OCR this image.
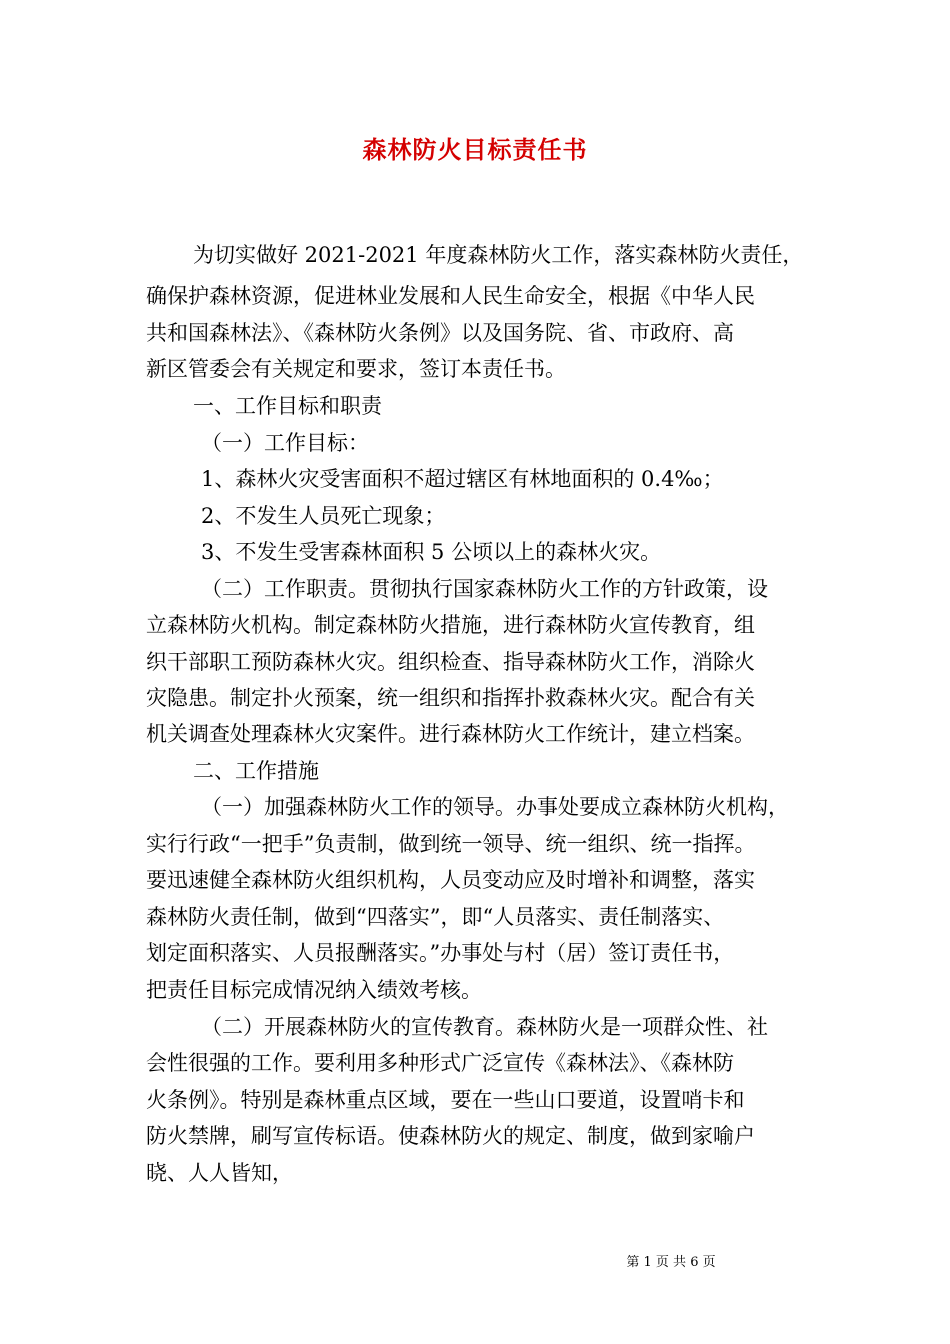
森林防火目标责任书
为切实做好 2021-2021 年度森林防火工作，落实森林防火责任，
确保护森林资源，促进林业发展和人民生命安全，根据《中华人民
共和国森林法》、《森林防火条例》以及国务院、省、市政府、高
新区管委会有关规定和要求，签订本责任书。
一、工作目标和职责
（一）工作目标：
1、森林火灾受害面积不超过辖区有林地面积的 0.4‰；
2、不发生人员死亡现象；
3、不发生受害森林面积 5 公顷以上的森林火灾。
（二）工作职责。贯彻执行国家森林防火工作的方针政策，设
立森林防火机构。制定森林防火措施，进行森林防火宣传教育，组
织干部职工预防森林火灾。组织检查、指导森林防火工作，消除火
灾隐患。制定扑火预案，统一组织和指挥扑救森林火灾。配合有关
机关调查处理森林火灾案件。进行森林防火工作统计，建立档案。
二、工作措施
（一）加强森林防火工作的领导。办事处要成立森林防火机构，
实行行政“一把手”负责制，做到统一领导、统一组织、统一指挥。
要迅速健全森林防火组织机构，人员变动应及时增补和调整，落实
森林防火责任制，做到“四落实”，即“人员落实、责任制落实、
划定面积落实、人员报酬落实。”办事处与村（居）签订责任书，
把责任目标完成情况纳入绩效考核。
（二）开展森林防火的宣传教育。森林防火是一项群众性、社
会性很强的工作。要利用多种形式广泛宣传《森林法》、《森林防
火条例》。特别是森林重点区域，要在一些山口要道，设置哨卡和
防火禁牌，刷写宣传标语。使森林防火的规定、制度，做到家喻户
晓、人人皆知，
第 1 页 共 6 页
